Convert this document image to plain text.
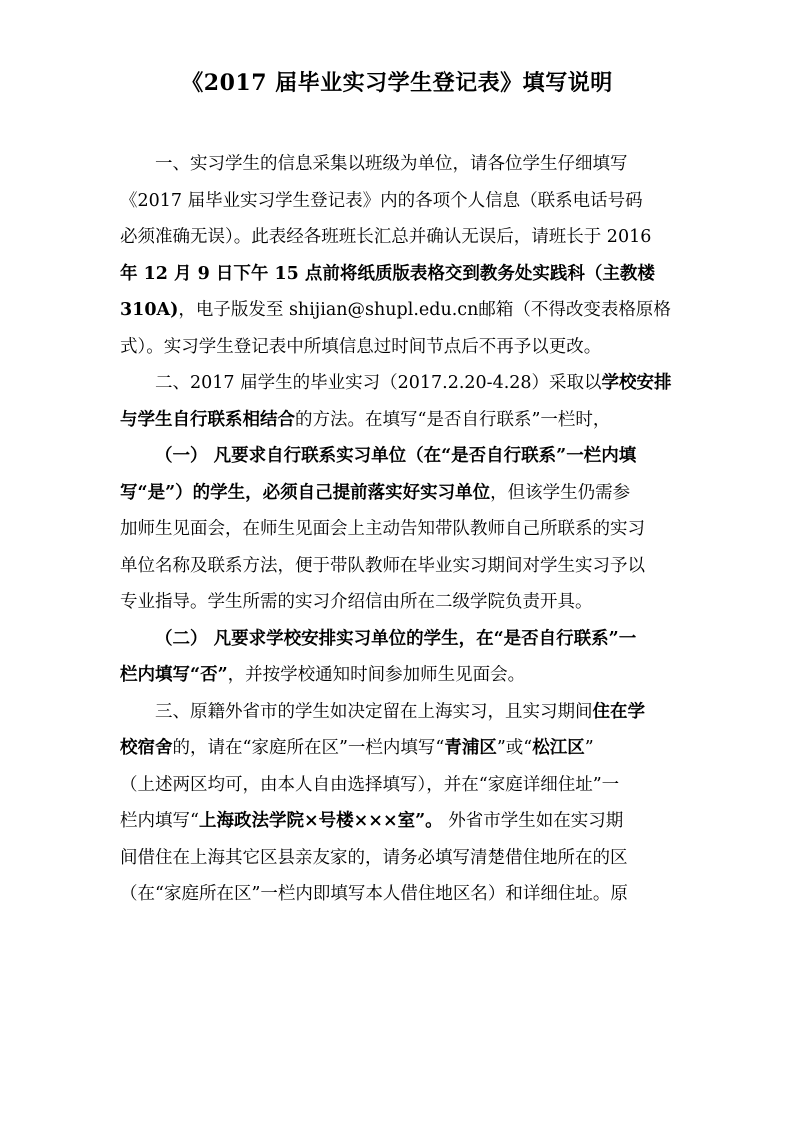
《2017 届毕业实习学生登记表》填写说明
一、实习学生的信息采集以班级为单位，请各位学生仔细填写
《2017 届毕业实习学生登记表》内的各项个人信息（联系电话号码
必须准确无误）。此表经各班班长汇总并确认无误后，请班长于 2016
年 12 月 9 日下午 15 点前将纸质版表格交到教务处实践科（主教楼
310A)，电子版发至 shijian@shupl.edu.cn邮箱（不得改变表格原格
式）。实习学生登记表中所填信息过时间节点后不再予以更改。
二、2017 届学生的毕业实习（2017.2.20-4.28）采取以学校安排
与学生自行联系相结合的方法。在填写“是否自行联系”一栏时，
（一） 凡要求自行联系实习单位（在“是否自行联系”一栏内填
写“是”）的学生，必须自己提前落实好实习单位，但该学生仍需参
加师生见面会，在师生见面会上主动告知带队教师自己所联系的实习
单位名称及联系方法，便于带队教师在毕业实习期间对学生实习予以
专业指导。学生所需的实习介绍信由所在二级学院负责开具。
（二） 凡要求学校安排实习单位的学生，在“是否自行联系”一
栏内填写“否”，并按学校通知时间参加师生见面会。
三、原籍外省市的学生如决定留在上海实习，且实习期间住在学
校宿舍的，请在“家庭所在区”一栏内填写“青浦区”或“松江区”
（上述两区均可，由本人自由选择填写），并在“家庭详细住址”一
栏内填写“上海政法学院×号楼×××室”。 外省市学生如在实习期
间借住在上海其它区县亲友家的，请务必填写清楚借住地所在的区
（在“家庭所在区”一栏内即填写本人借住地区名）和详细住址。原
